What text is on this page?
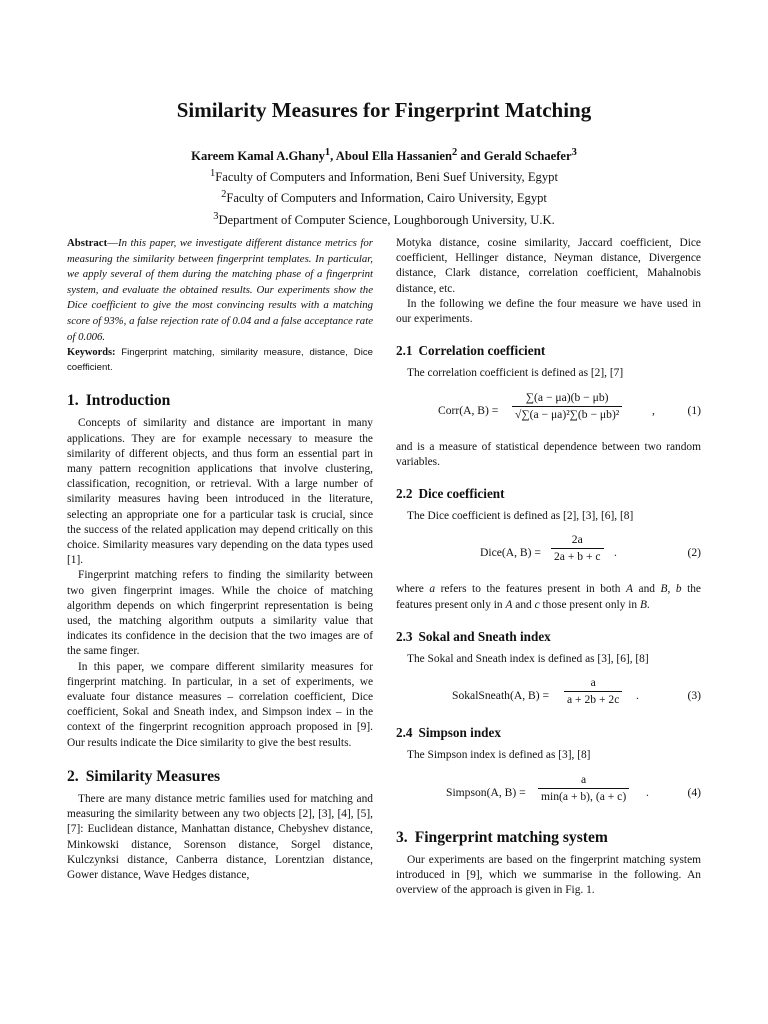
Similarity Measures for Fingerprint Matching
Kareem Kamal A.Ghany$^1$, Aboul Ella Hassanien$^2$ and Gerald Schaefer$^3$
$^1$Faculty of Computers and Information, Beni Suef University, Egypt
$^2$Faculty of Computers and Information, Cairo University, Egypt
$^3$Department of Computer Science, Loughborough University, U.K.

Abstract—In this paper, we investigate different distance metrics for measuring the similarity between fingerprint templates. In particular, we apply several of them during the matching phase of a fingerprint system, and evaluate the obtained results. Our experiments show the Dice coefficient to give the most convincing results with a matching score of 93%, a false rejection rate of 0.04 and a false acceptance rate of 0.006.

Keywords: Fingerprint matching, similarity measure, distance, Dice coefficient.

1. Introduction

Concepts of similarity and distance are important in many applications. They are for example necessary to measure the similarity of different objects, and thus form an essential part in many pattern recognition applications that involve clustering, classification, recognition, or retrieval. With a large number of similarity measures having been introduced in the literature, selecting an appropriate one for a particular task is crucial, since the success of the related application may depend critically on this choice. Similarity measures vary depending on the data types used [1].

Fingerprint matching refers to finding the similarity between two given fingerprint images. While the choice of matching algorithm depends on which fingerprint representation is being used, the matching algorithm outputs a similarity value that indicates its confidence in the decision that the two images are of the same finger.

In this paper, we compare different similarity measures for fingerprint matching. In particular, in a set of experiments, we evaluate four distance measures – correlation coefficient, Dice coefficient, Sokal and Sneath index, and Simpson index – in the context of the fingerprint recognition approach proposed in [9]. Our results indicate the Dice similarity to give the best results.

2. Similarity Measures

There are many distance metric families used for matching and measuring the similarity between any two objects [2], [3], [4], [5], [7]: Euclidean distance, Manhattan distance, Chebyshev distance, Minkowski distance, Sorenson distance, Sorgel distance, Kulczynksi distance, Canberra distance, Lorentzian distance, Gower distance, Wave Hedges distance,

Motyka distance, cosine similarity, Jaccard coefficient, Dice coefficient, Hellinger distance, Neyman distance, Divergence distance, Clark distance, correlation coefficient, Mahalnobis distance, etc.

In the following we define the four measure we have used in our experiments.

2.1 Correlation coefficient

The correlation coefficient is defined as [2], [7]

Corr(A, B) =
∑(a − μa)(b − μb)
√∑(a − μa)²∑(b − μb)²	,	(1)

and is a measure of statistical dependence between two random variables.

2.2 Dice coefficient

The Dice coefficient is defined as [2], [3], [6], [8]

Dice(A, B) =
2a
2a + b + c .	(2)

where a refers to the features present in both A and B, b the features present only in A and c those present only in B.

2.3 Sokal and Sneath index

The Sokal and Sneath index is defined as [3], [6], [8]

SokalSneath(A, B) =
a
a + 2b + 2c .	(3)
2.4 Simpson index

The Simpson index is defined as [3], [8]

Simpson(A, B) =
a
min(a + b), (a + c) .	(4)
3. Fingerprint matching system

Our experiments are based on the fingerprint matching system introduced in [9], which we summarise in the following. An overview of the approach is given in Fig. 1.
